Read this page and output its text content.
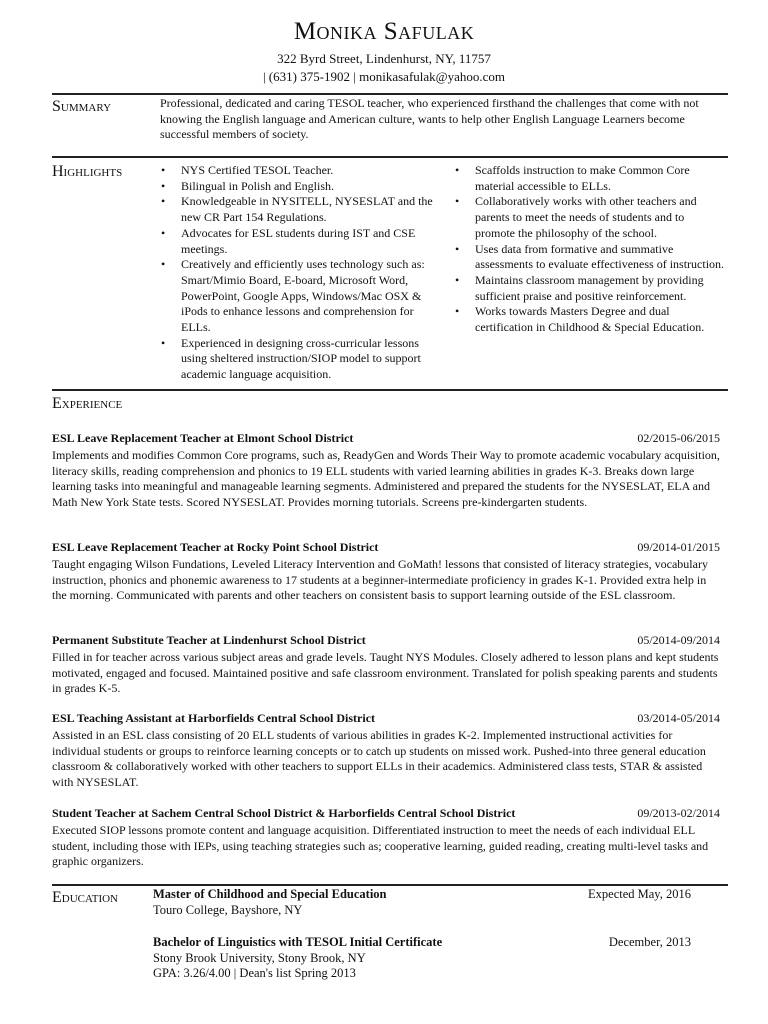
Monika Safulak
322 Byrd Street, Lindenhurst, NY, 11757
| (631) 375-1902 | monikasafulak@yahoo.com
Summary	Professional, dedicated and caring TESOL teacher, who experienced firsthand the challenges that come with not knowing the English language and American culture, wants to help other English Language Learners become successful members of society.
Highlights
•	NYS Certified TESOL Teacher.
• Bilingual in Polish and English.
• Knowledgeable in NYSITELL, NYSESLAT and the new CR Part 154 Regulations.
• Advocates for ESL students during IST and CSE meetings.
• Creatively and efficiently uses technology such as: Smart/Mimio Board, E-board, Microsoft Word, PowerPoint, Google Apps, Windows/Mac OSX & iPods to enhance lessons and comprehension for ELLs.
• Experienced in designing cross-curricular lessons using sheltered instruction/SIOP model to support academic language acquisition.
• Scaffolds instruction to make Common Core material accessible to ELLs.
• Collaboratively works with other teachers and parents to meet the needs of students and to promote the philosophy of the school.
• Uses data from formative and summative assessments to evaluate effectiveness of instruction.
• Maintains classroom management by providing sufficient praise and positive reinforcement.
• Works towards Masters Degree and dual certification in Childhood & Special Education.
Experience
ESL Leave Replacement Teacher at Elmont School District	02/2015-06/2015
Implements and modifies Common Core programs, such as, ReadyGen and Words Their Way to promote academic vocabulary acquisition, literacy skills, reading comprehension and phonics to 19 ELL students with varied learning abilities in grades K-3. Breaks down large learning tasks into meaningful and manageable learning segments. Administered and prepared the students for the NYSESLAT, ELA and Math New York State tests. Scored NYSESLAT. Provides morning tutorials. Screens pre-kindergarten students.
ESL Leave Replacement Teacher at Rocky Point School District	09/2014-01/2015
Taught engaging Wilson Fundations, Leveled Literacy Intervention and GoMath! lessons that consisted of literacy strategies, vocabulary instruction, phonics and phonemic awareness to 17 students at a beginner-intermediate proficiency in grades K-1. Provided extra help in the morning. Communicated with parents and other teachers on consistent basis to support learning outside of the ESL classroom.
Permanent Substitute Teacher at Lindenhurst School District	05/2014-09/2014
Filled in for teacher across various subject areas and grade levels. Taught NYS Modules. Closely adhered to lesson plans and kept students motivated, engaged and focused. Maintained positive and safe classroom environment. Translated for polish speaking parents and students in grades K-5.
ESL Teaching Assistant at Harborfields Central School District	03/2014-05/2014
Assisted in an ESL class consisting of 20 ELL students of various abilities in grades K-2. Implemented instructional activities for individual students or groups to reinforce learning concepts or to catch up students on missed work. Pushed-into three general education classroom & collaboratively worked with other teachers to support ELLs in their academics. Administered class tests, STAR & assisted with NYSESLAT.
Student Teacher at Sachem Central School District & Harborfields Central School District	09/2013-02/2014
Executed SIOP lessons promote content and language acquisition. Differentiated instruction to meet the needs of each individual ELL student, including those with IEPs, using teaching strategies such as; cooperative learning, guided reading, creating multi-level tasks and graphic organizers.
Education	Master of Childhood and Special Education	Expected May, 2016
Touro College, Bayshore, NY
Bachelor of Linguistics with TESOL Initial Certificate	December, 2013
Stony Brook University, Stony Brook, NY
GPA: 3.26/4.00 | Dean's list Spring 2013
